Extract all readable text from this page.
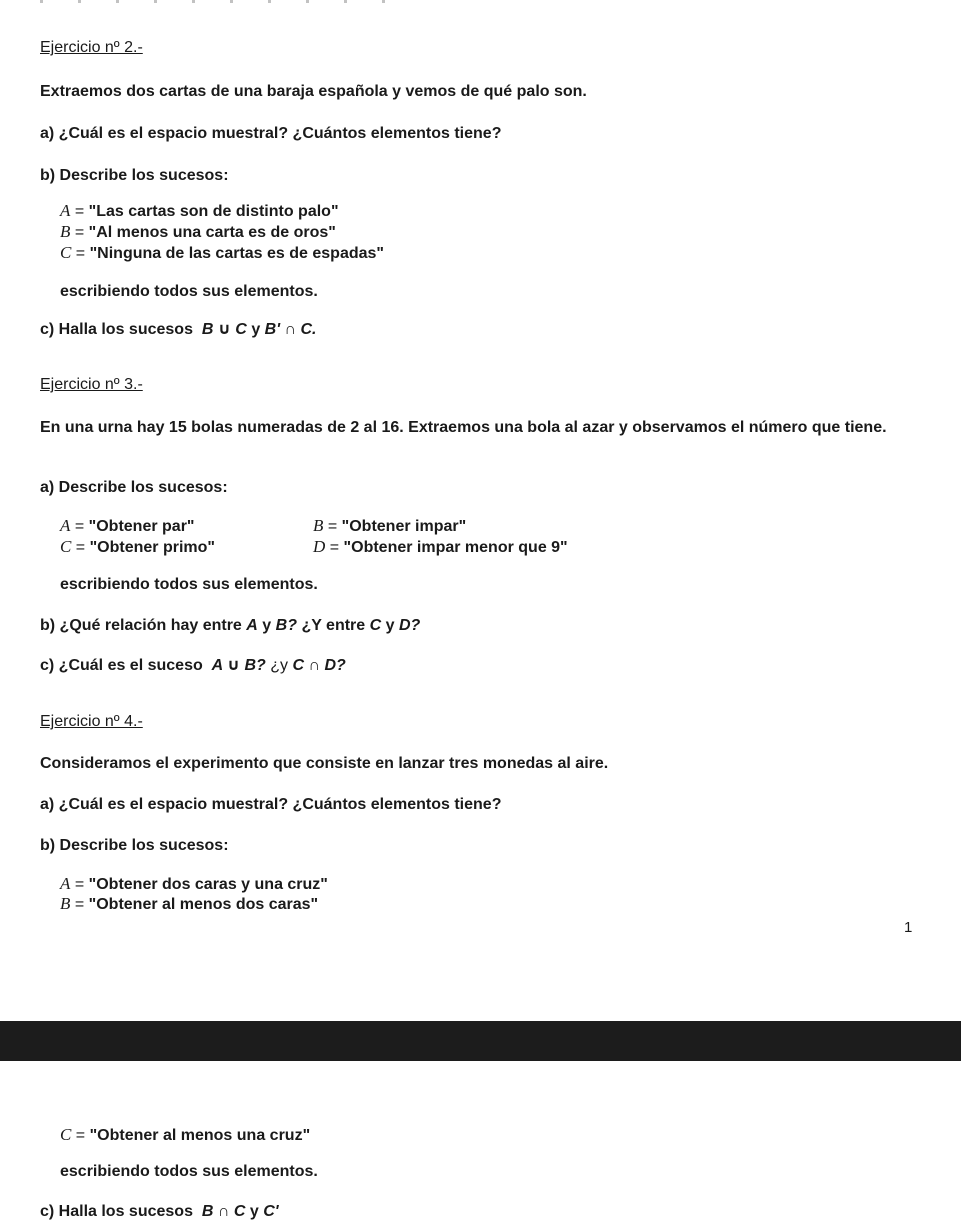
Ejercicio nº 2.-
Extraemos dos cartas de una baraja española y vemos de qué palo son.
a) ¿Cuál es el espacio muestral? ¿Cuántos elementos tiene?
b) Describe los sucesos:
A = "Las cartas son de distinto palo"
B = "Al menos una carta es de oros"
C = "Ninguna de las cartas es de espadas"
escribiendo todos sus elementos.
c) Halla los sucesos B ∪ C y B' ∩ C.
Ejercicio nº 3.-
En una urna hay 15 bolas numeradas de 2 al 16. Extraemos una bola al azar y observamos el número que tiene.
a) Describe los sucesos:
A = "Obtener par"	B = "Obtener impar"
C = "Obtener primo"	D = "Obtener impar menor que 9"
escribiendo todos sus elementos.
b) ¿Qué relación hay entre A y B? ¿Y entre C y D?
c) ¿Cuál es el suceso A ∪ B? ¿y C ∩ D?
Ejercicio nº 4.-
Consideramos el experimento que consiste en lanzar tres monedas al aire.
a) ¿Cuál es el espacio muestral? ¿Cuántos elementos tiene?
b) Describe los sucesos:
A = "Obtener dos caras y una cruz"
B = "Obtener al menos dos caras"
1
C = "Obtener al menos una cruz"
escribiendo todos sus elementos.
c) Halla los sucesos B ∩ C y C'
